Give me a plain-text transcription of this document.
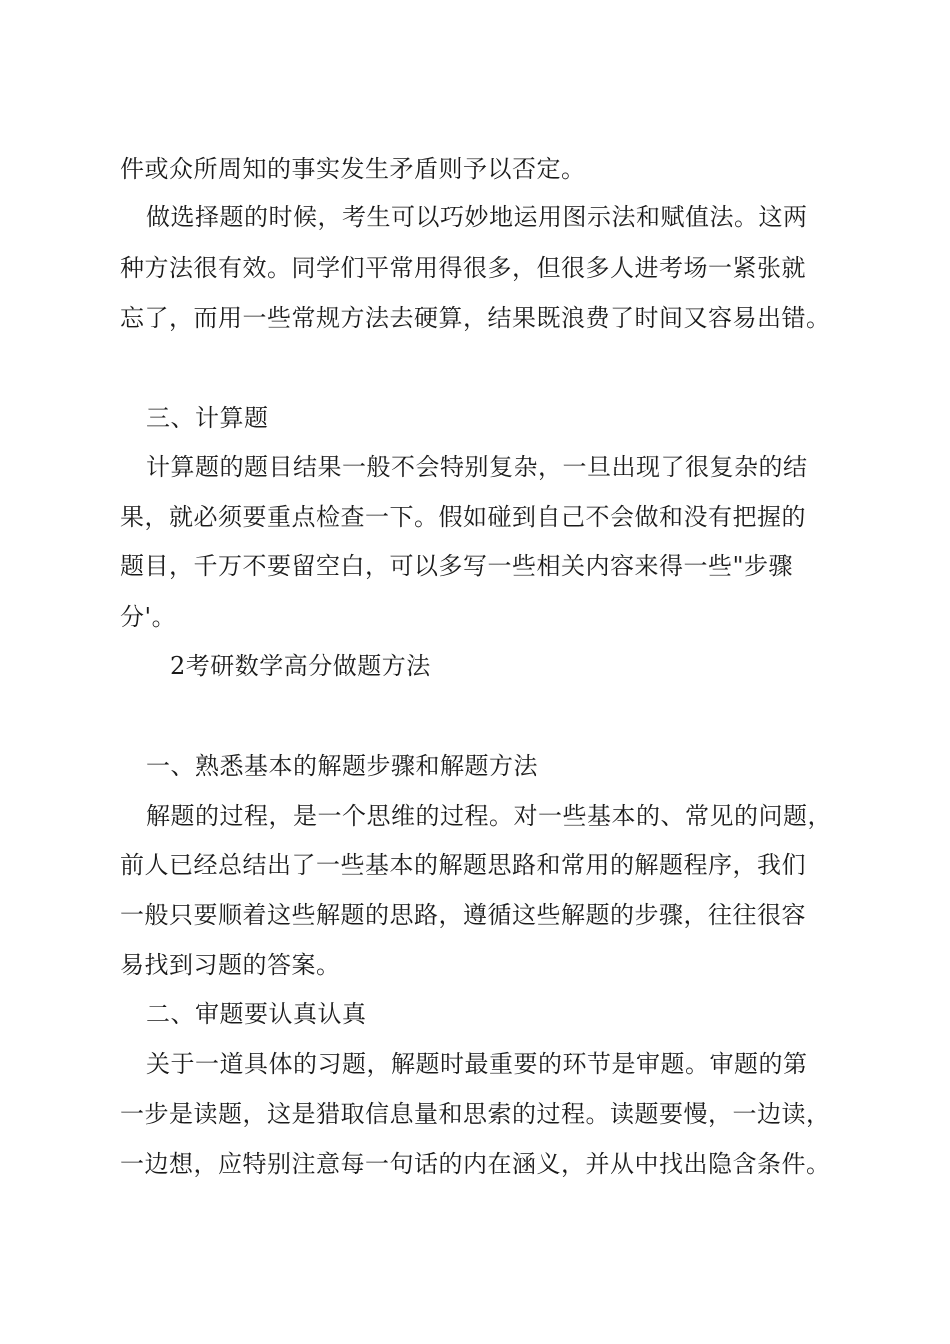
件或众所周知的事实发生矛盾则予以否定。
做选择题的时候，考生可以巧妙地运用图示法和赋值法。这两
种方法很有效。同学们平常用得很多，但很多人进考场一紧张就
忘了，而用一些常规方法去硬算，结果既浪费了时间又容易出错。
三、计算题
计算题的题目结果一般不会特别复杂，一旦出现了很复杂的结
果，就必须要重点检查一下。假如碰到自己不会做和没有把握的
题目，千万不要留空白，可以多写一些相关内容来得一些"步骤
分'。
2考研数学高分做题方法
一、熟悉基本的解题步骤和解题方法
解题的过程，是一个思维的过程。对一些基本的、常见的问题，
前人已经总结出了一些基本的解题思路和常用的解题程序，我们
一般只要顺着这些解题的思路，遵循这些解题的步骤，往往很容
易找到习题的答案。
二、审题要认真认真
关于一道具体的习题，解题时最重要的环节是审题。审题的第
一步是读题，这是猎取信息量和思索的过程。读题要慢，一边读，
一边想，应特别注意每一句话的内在涵义，并从中找出隐含条件。
